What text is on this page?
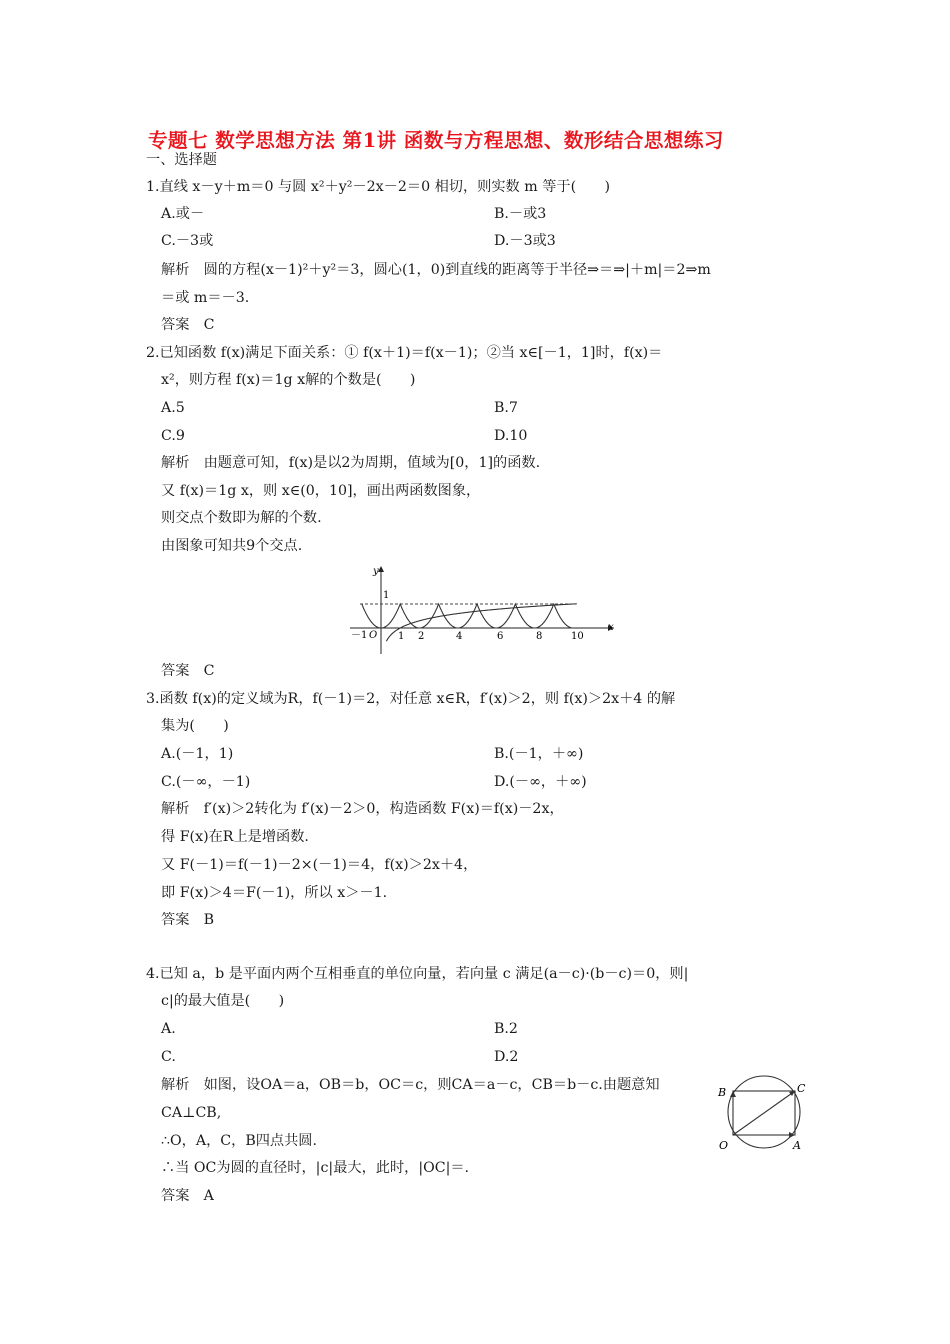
专题七 数学思想方法 第1讲 函数与方程思想、数形结合思想练习
一、选择题
1.直线 x－y＋m＝0 与圆 x²＋y²－2x－2＝0 相切，则实数 m 等于(　　)
A.或－	B.－或3
C.－3或	D.－3或3
解析　圆的方程(x－1)²＋y²＝3，圆心(1，0)到直线的距离等于半径⇒＝⇒|＋m|＝2⇒m
＝或 m＝－3.
答案　C
2.已知函数 f(x)满足下面关系：① f(x＋1)＝f(x－1)；②当 x∈[－1，1]时，f(x)＝
x²，则方程 f(x)＝1g x解的个数是(　　)
A.5	B.7
C.9	D.10
解析　由题意可知，f(x)是以2为周期，值域为[0，1]的函数.
又 f(x)＝1g x，则 x∈(0，10]，画出两函数图象，
则交点个数即为解的个数.
由图象可知共9个交点.
y
x
1
－1 O 1 2	4	6	8	10
答案　C
3.函数 f(x)的定义域为R，f(－1)＝2，对任意 x∈R，f′(x)＞2，则 f(x)＞2x＋4 的解
集为(　　)
A.(－1，1)	B.(－1，＋∞)
C.(－∞，－1)	D.(－∞，＋∞)
解析　f′(x)＞2转化为 f′(x)－2＞0，构造函数 F(x)＝f(x)－2x，
得 F(x)在R上是增函数.
又 F(－1)＝f(－1)－2×(－1)＝4，f(x)＞2x＋4，
即 F(x)＞4＝F(－1)，所以 x＞－1.
答案　B
4.已知 a，b 是平面内两个互相垂直的单位向量，若向量 c 满足(a－c)·(b－c)＝0，则|
c|的最大值是(　　)
A.	B.2
C.	D.2
解析　如图，设OA＝a，OB＝b，OC＝c，则CA＝a－c，CB＝b－c.由题意知
CA⊥CB,
∴O，A，C，B四点共圆.
∴当 OC为圆的直径时，|c|最大，此时，|OC|＝.
答案　A
B	C
O	A
